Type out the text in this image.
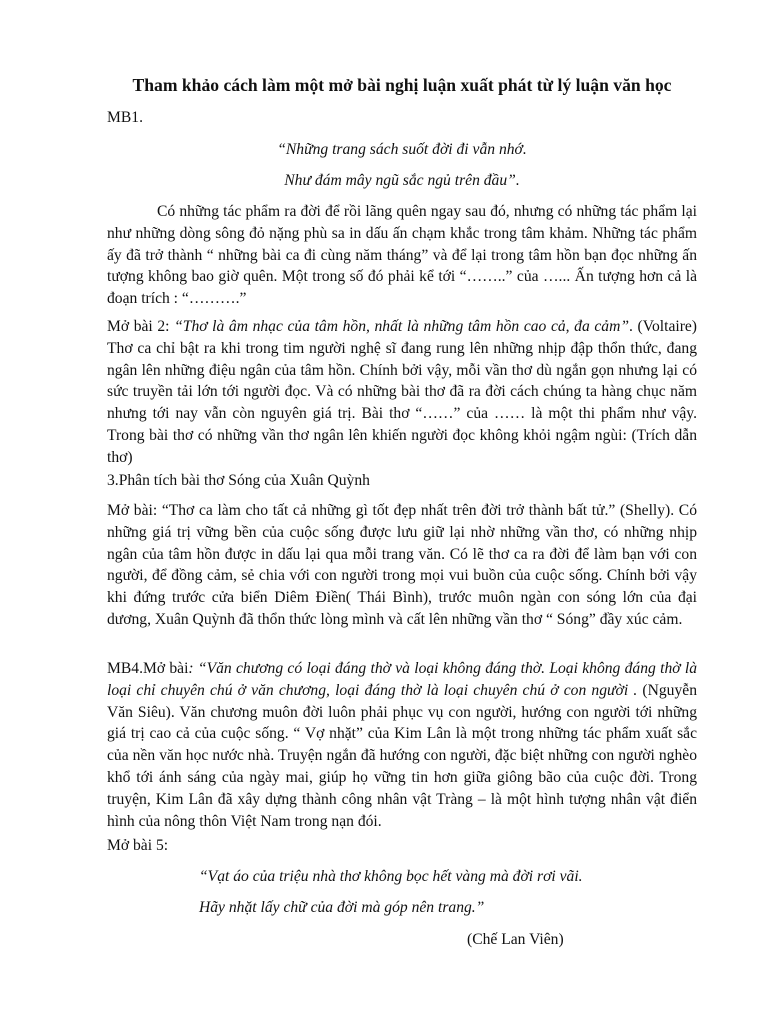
Tham khảo cách làm một mở bài nghị luận xuất phát từ lý luận văn học

MB1.

“Những trang sách suốt đời đi vẫn nhớ.

Như đám mây ngũ sắc ngủ trên đầu”.

Có những tác phẩm ra đời để rồi lãng quên ngay sau đó, nhưng có những tác phẩm lại như những dòng sông đỏ nặng phù sa in dấu ấn chạm khắc trong tâm khảm. Những tác phẩm ấy đã trở thành “ những bài ca đi cùng năm tháng” và để lại trong tâm hồn bạn đọc những ấn tượng không bao giờ quên. Một trong số đó phải kể tới “……..” của …... Ấn tượng hơn cả là đoạn trích : “……….”

Mở bài 2: “Thơ là âm nhạc của tâm hồn, nhất là những tâm hồn cao cả, đa cảm”. (Voltaire) Thơ ca chỉ bật ra khi trong tim người nghệ sĩ đang rung lên những nhịp đập thổn thức, đang ngân lên những điệu ngân của tâm hồn. Chính bởi vậy, mỗi vần thơ dù ngắn gọn nhưng lại có sức truyền tải lớn tới người đọc. Và có những bài thơ đã ra đời cách chúng ta hàng chục năm nhưng tới nay vẫn còn nguyên giá trị. Bài thơ “……” của …… là một thi phẩm như vậy. Trong bài thơ có những vần thơ ngân lên khiến người đọc không khỏi ngậm ngùi: (Trích dẫn thơ)

3.Phân tích bài thơ Sóng của Xuân Quỳnh

Mở bài: “Thơ ca làm cho tất cả những gì tốt đẹp nhất trên đời trở thành bất tử.” (Shelly). Có những giá trị vững bền của cuộc sống được lưu giữ lại nhờ những vần thơ, có những nhịp ngân của tâm hồn được in dấu lại qua mỗi trang văn. Có lẽ thơ ca ra đời để làm bạn với con người, để đồng cảm, sẻ chia với con người trong mọi vui buồn của cuộc sống. Chính bởi vậy khi đứng trước cửa biển Diêm Điền( Thái Bình), trước muôn ngàn con sóng lớn của đại dương, Xuân Quỳnh đã thổn thức lòng mình và cất lên những vần thơ “ Sóng” đầy xúc cảm.

MB4.Mở bài: “Văn chương có loại đáng thờ và loại không đáng thờ. Loại không đáng thờ là loại chỉ chuyên chú ở văn chương, loại đáng thờ là loại chuyên chú ở con người . (Nguyễn Văn Siêu). Văn chương muôn đời luôn phải phục vụ con người, hướng con người tới những giá trị cao cả của cuộc sống. “ Vợ nhặt” của Kim Lân là một trong những tác phẩm xuất sắc của nền văn học nước nhà. Truyện ngắn đã hướng con người, đặc biệt những con người nghèo khổ tới ánh sáng của ngày mai, giúp họ vững tin hơn giữa giông bão của cuộc đời. Trong truyện, Kim Lân đã xây dựng thành công nhân vật Tràng – là một hình tượng nhân vật điển hình của nông thôn Việt Nam trong nạn đói.

Mở bài 5:

“Vạt áo của triệu nhà thơ không bọc hết vàng mà đời rơi vãi.

Hãy nhặt lấy chữ của đời mà góp nên trang.”

(Chế Lan Viên)
